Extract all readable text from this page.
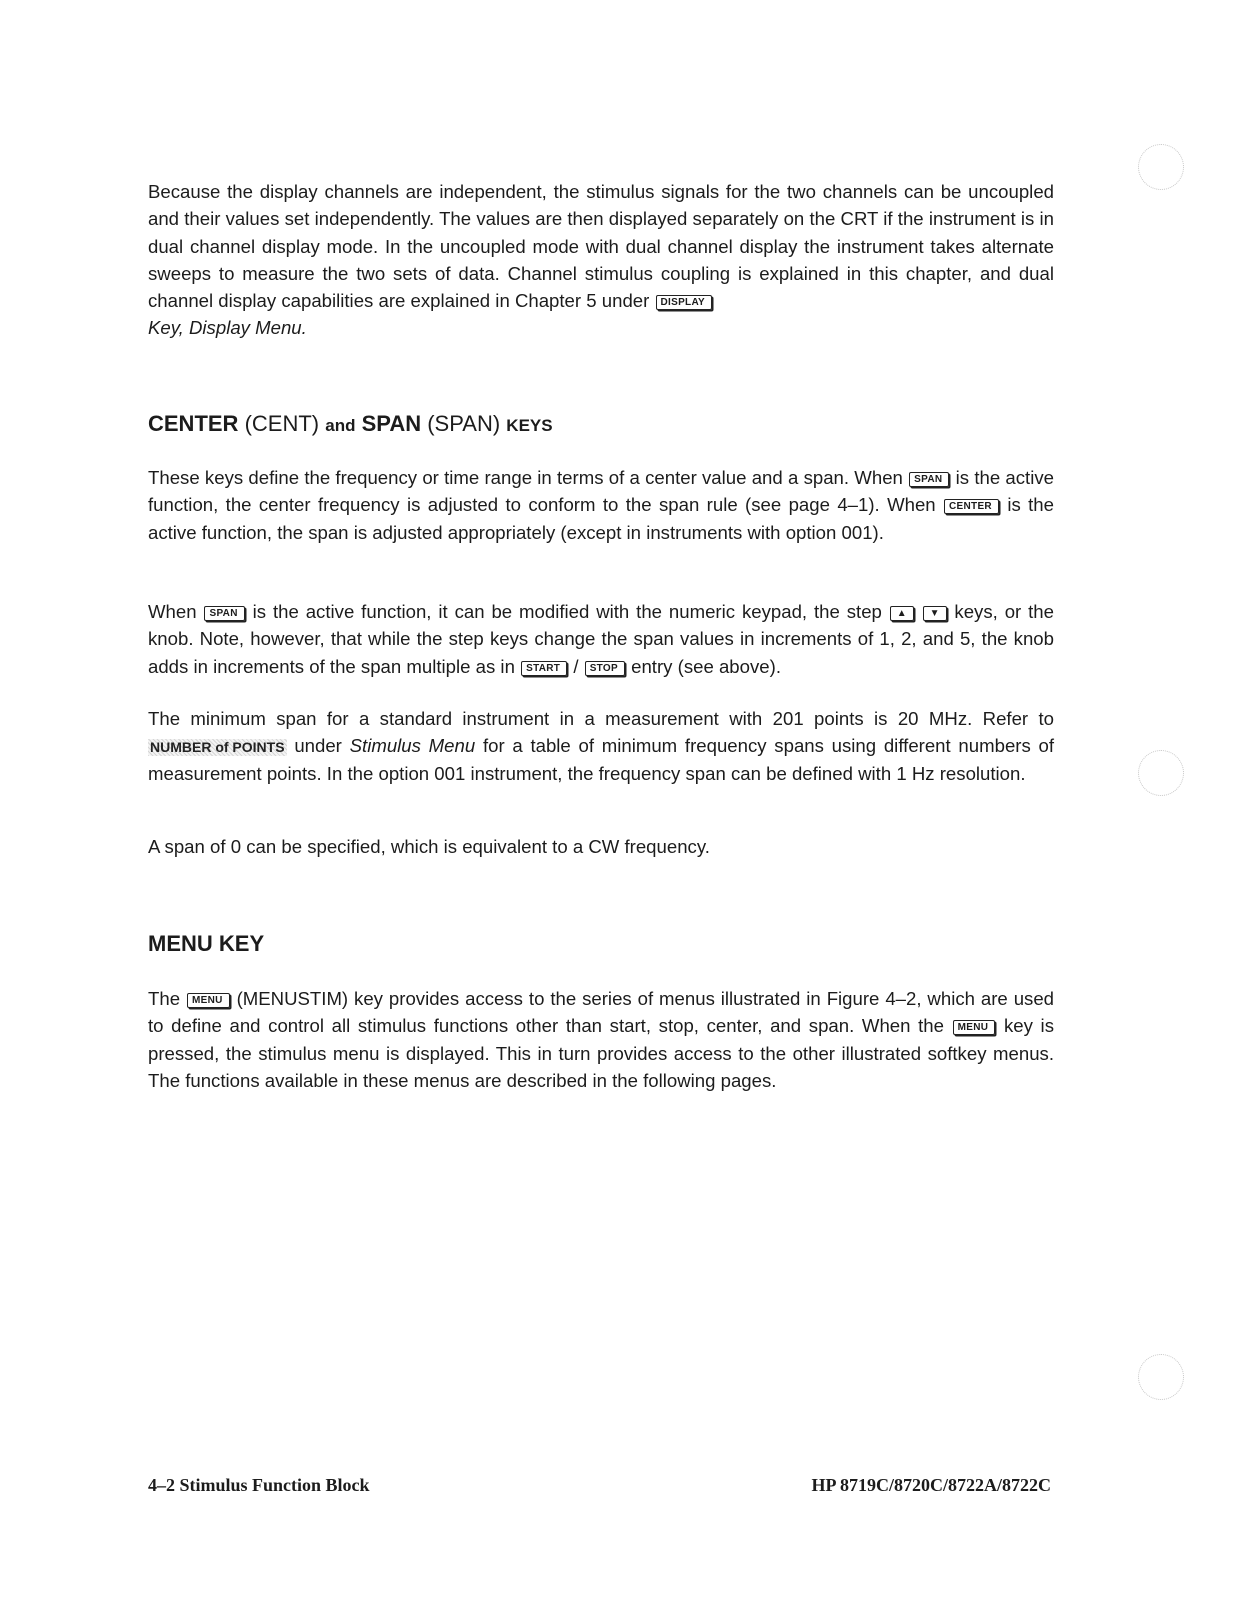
Because the display channels are independent, the stimulus signals for the two channels can be uncoupled and their values set independently. The values are then displayed separately on the CRT if the instrument is in dual channel display mode. In the uncoupled mode with dual channel display the instrument takes alternate sweeps to measure the two sets of data. Channel stimulus coupling is explained in this chapter, and dual channel display capabilities are explained in Chapter 5 under DISPLAY
Key, Display Menu.

CENTER (CENT) and SPAN (SPAN) KEYS

These keys define the frequency or time range in terms of a center value and a span. When SPAN is the active function, the center frequency is adjusted to conform to the span rule (see page 4–1). When CENTER is the active function, the span is adjusted appropriately (except in instruments with option 001).

When SPAN is the active function, it can be modified with the numeric keypad, the step ▲ ▼ keys, or the knob. Note, however, that while the step keys change the span values in increments of 1, 2, and 5, the knob adds in increments of the span multiple as in START / STOP entry (see above).

The minimum span for a standard instrument in a measurement with 201 points is 20 MHz. Refer to NUMBER of POINTS under Stimulus Menu for a table of minimum frequency spans using different numbers of measurement points. In the option 001 instrument, the frequency span can be defined with 1 Hz resolution.

A span of 0 can be specified, which is equivalent to a CW frequency.

MENU KEY

The MENU (MENUSTIM) key provides access to the series of menus illustrated in Figure 4–2, which are used to define and control all stimulus functions other than start, stop, center, and span. When the MENU key is pressed, the stimulus menu is displayed. This in turn provides access to the other illustrated softkey menus. The functions available in these menus are described in the following pages.

4–2 Stimulus Function Block	HP 8719C/8720C/8722A/8722C
